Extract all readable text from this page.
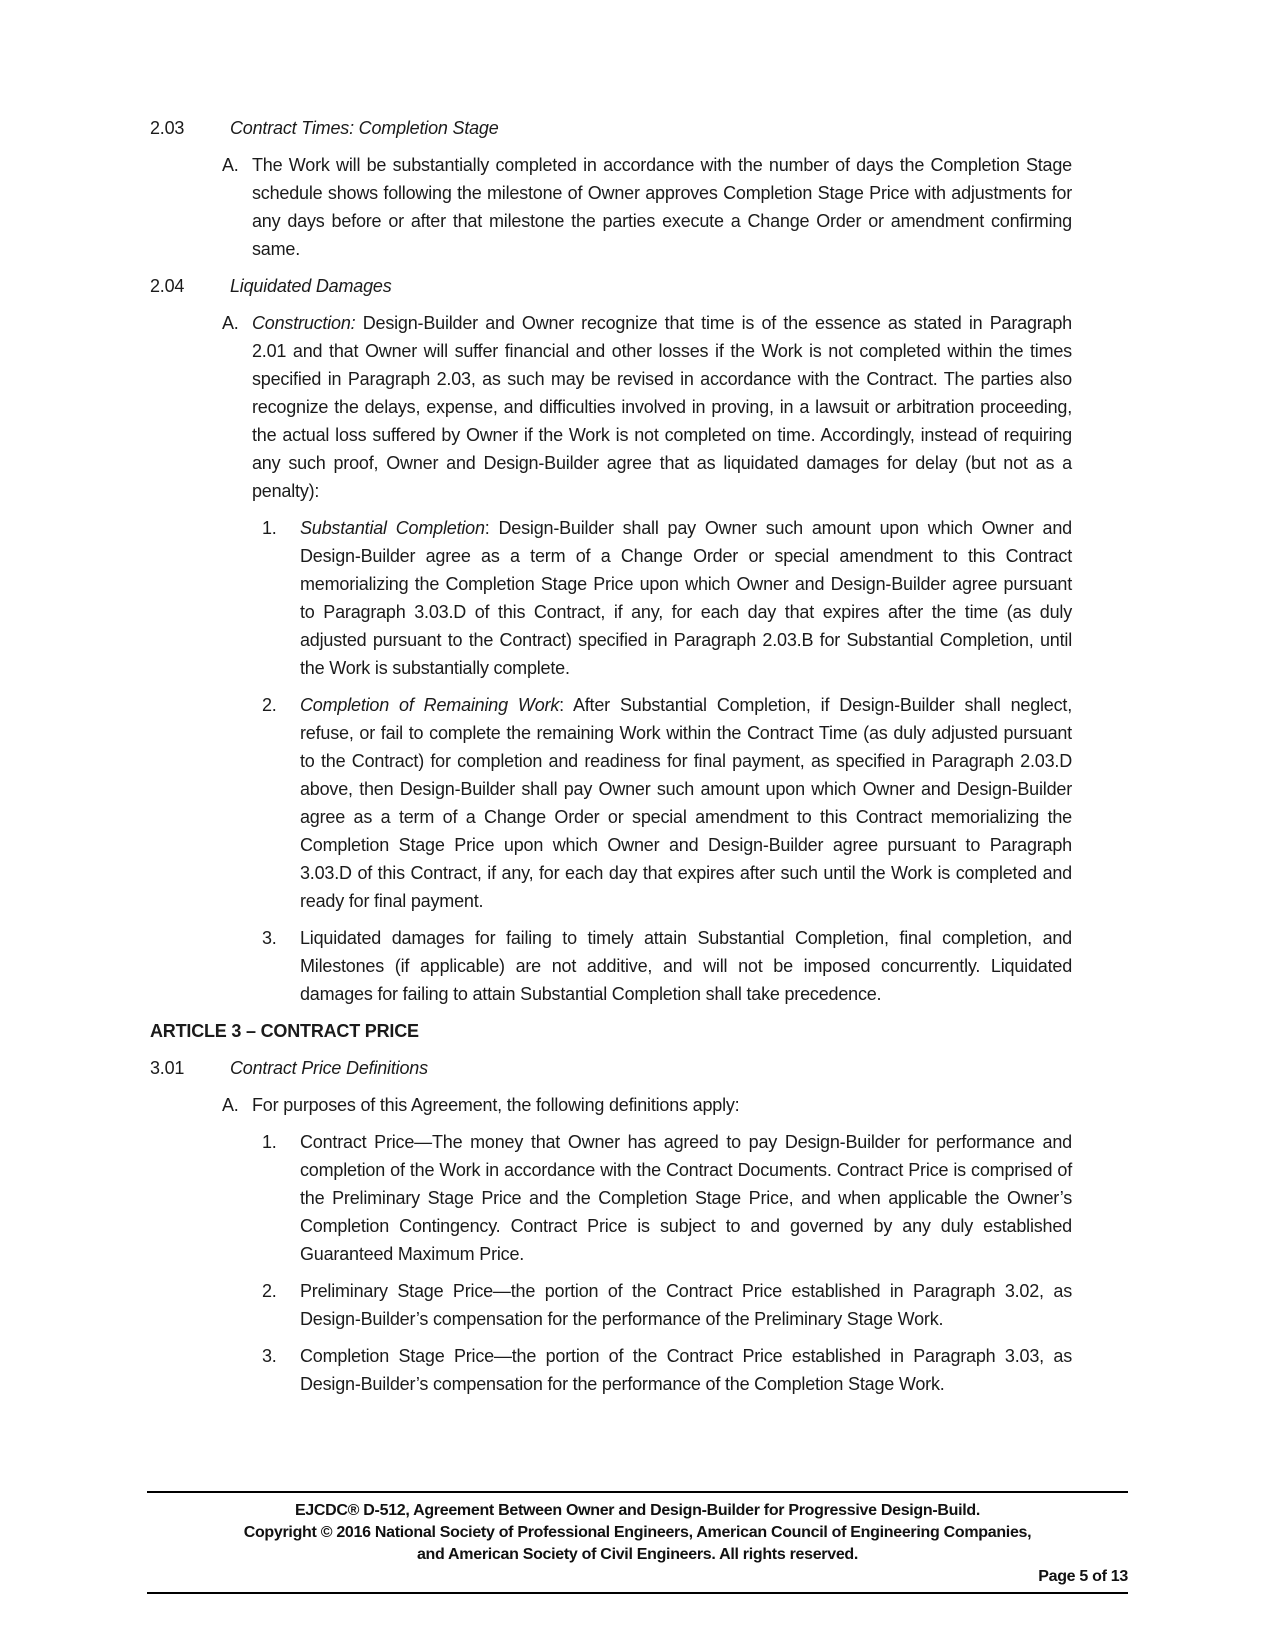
2.03	Contract Times: Completion Stage
A. The Work will be substantially completed in accordance with the number of days the Completion Stage schedule shows following the milestone of Owner approves Completion Stage Price with adjustments for any days before or after that milestone the parties execute a Change Order or amendment confirming same.
2.04	Liquidated Damages
A. Construction: Design-Builder and Owner recognize that time is of the essence as stated in Paragraph 2.01 and that Owner will suffer financial and other losses if the Work is not completed within the times specified in Paragraph 2.03, as such may be revised in accordance with the Contract. The parties also recognize the delays, expense, and difficulties involved in proving, in a lawsuit or arbitration proceeding, the actual loss suffered by Owner if the Work is not completed on time. Accordingly, instead of requiring any such proof, Owner and Design-Builder agree that as liquidated damages for delay (but not as a penalty):
1. Substantial Completion: Design-Builder shall pay Owner such amount upon which Owner and Design-Builder agree as a term of a Change Order or special amendment to this Contract memorializing the Completion Stage Price upon which Owner and Design-Builder agree pursuant to Paragraph 3.03.D of this Contract, if any, for each day that expires after the time (as duly adjusted pursuant to the Contract) specified in Paragraph 2.03.B for Substantial Completion, until the Work is substantially complete.
2. Completion of Remaining Work: After Substantial Completion, if Design-Builder shall neglect, refuse, or fail to complete the remaining Work within the Contract Time (as duly adjusted pursuant to the Contract) for completion and readiness for final payment, as specified in Paragraph 2.03.D above, then Design-Builder shall pay Owner such amount upon which Owner and Design-Builder agree as a term of a Change Order or special amendment to this Contract memorializing the Completion Stage Price upon which Owner and Design-Builder agree pursuant to Paragraph 3.03.D of this Contract, if any, for each day that expires after such until the Work is completed and ready for final payment.
3. Liquidated damages for failing to timely attain Substantial Completion, final completion, and Milestones (if applicable) are not additive, and will not be imposed concurrently. Liquidated damages for failing to attain Substantial Completion shall take precedence.
ARTICLE 3 – CONTRACT PRICE
3.01	Contract Price Definitions
A. For purposes of this Agreement, the following definitions apply:
1. Contract Price—The money that Owner has agreed to pay Design-Builder for performance and completion of the Work in accordance with the Contract Documents. Contract Price is comprised of the Preliminary Stage Price and the Completion Stage Price, and when applicable the Owner’s Completion Contingency. Contract Price is subject to and governed by any duly established Guaranteed Maximum Price.
2. Preliminary Stage Price—the portion of the Contract Price established in Paragraph 3.02, as Design-Builder’s compensation for the performance of the Preliminary Stage Work.
3. Completion Stage Price—the portion of the Contract Price established in Paragraph 3.03, as Design-Builder’s compensation for the performance of the Completion Stage Work.
EJCDC® D-512, Agreement Between Owner and Design-Builder for Progressive Design-Build.
Copyright © 2016 National Society of Professional Engineers, American Council of Engineering Companies,
and American Society of Civil Engineers. All rights reserved.
Page 5 of 13
